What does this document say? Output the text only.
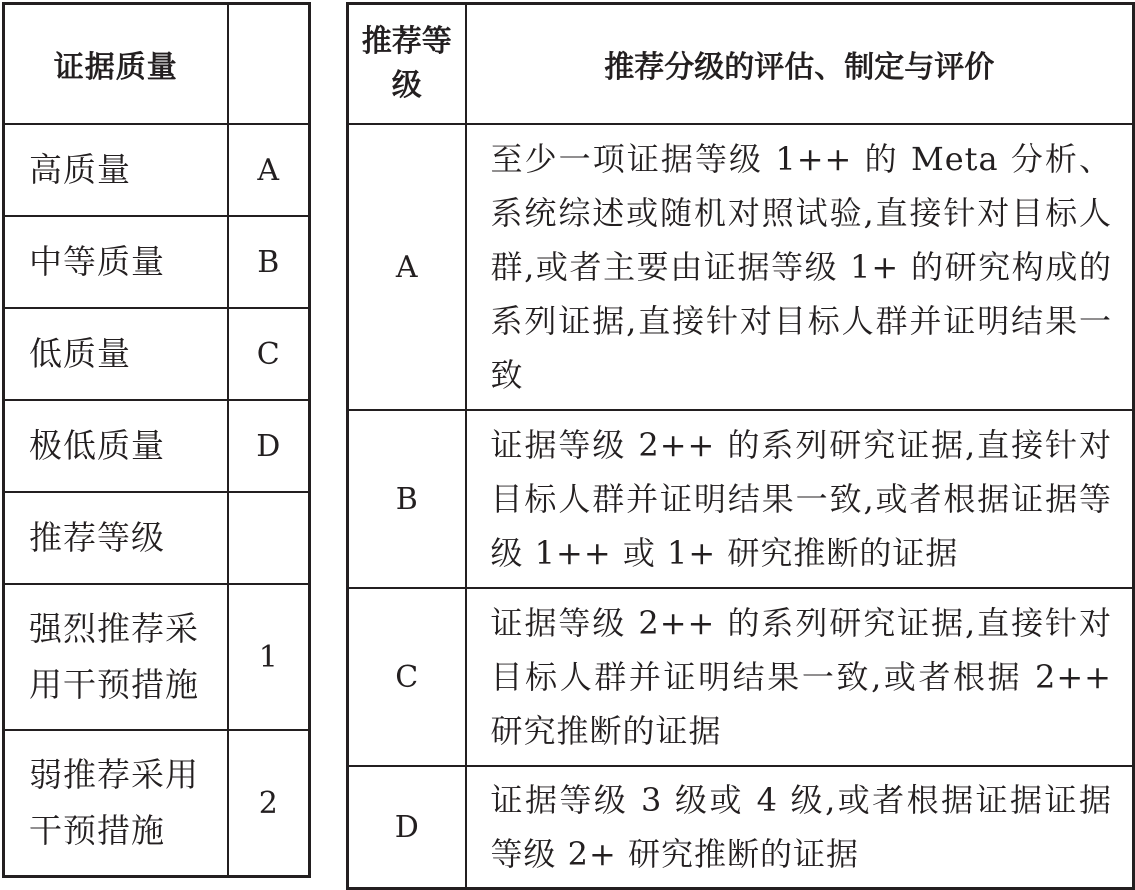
证据质量	
高质量	A
中等质量	B
低质量	C
极低质量	D
推荐等级	
强烈推荐采用干预措施	1
弱推荐采用干预措施	2
推荐等级	推荐分级的评估、制定与评价
A	至少一项证据等级 1++ 的 Meta 分析、系统综述或随机对照试验,直接针对目标人群,或者主要由证据等级 1+ 的研究构成的系列证据,直接针对目标人群并证明结果一致
B	证据等级 2++ 的系列研究证据,直接针对目标人群并证明结果一致,或者根据证据等级 1++ 或 1+ 研究推断的证据
C	证据等级 2++ 的系列研究证据,直接针对目标人群并证明结果一致,或者根据 2++ 研究推断的证据
D	证据等级 3 级或 4 级,或者根据证据证据等级 2+ 研究推断的证据
